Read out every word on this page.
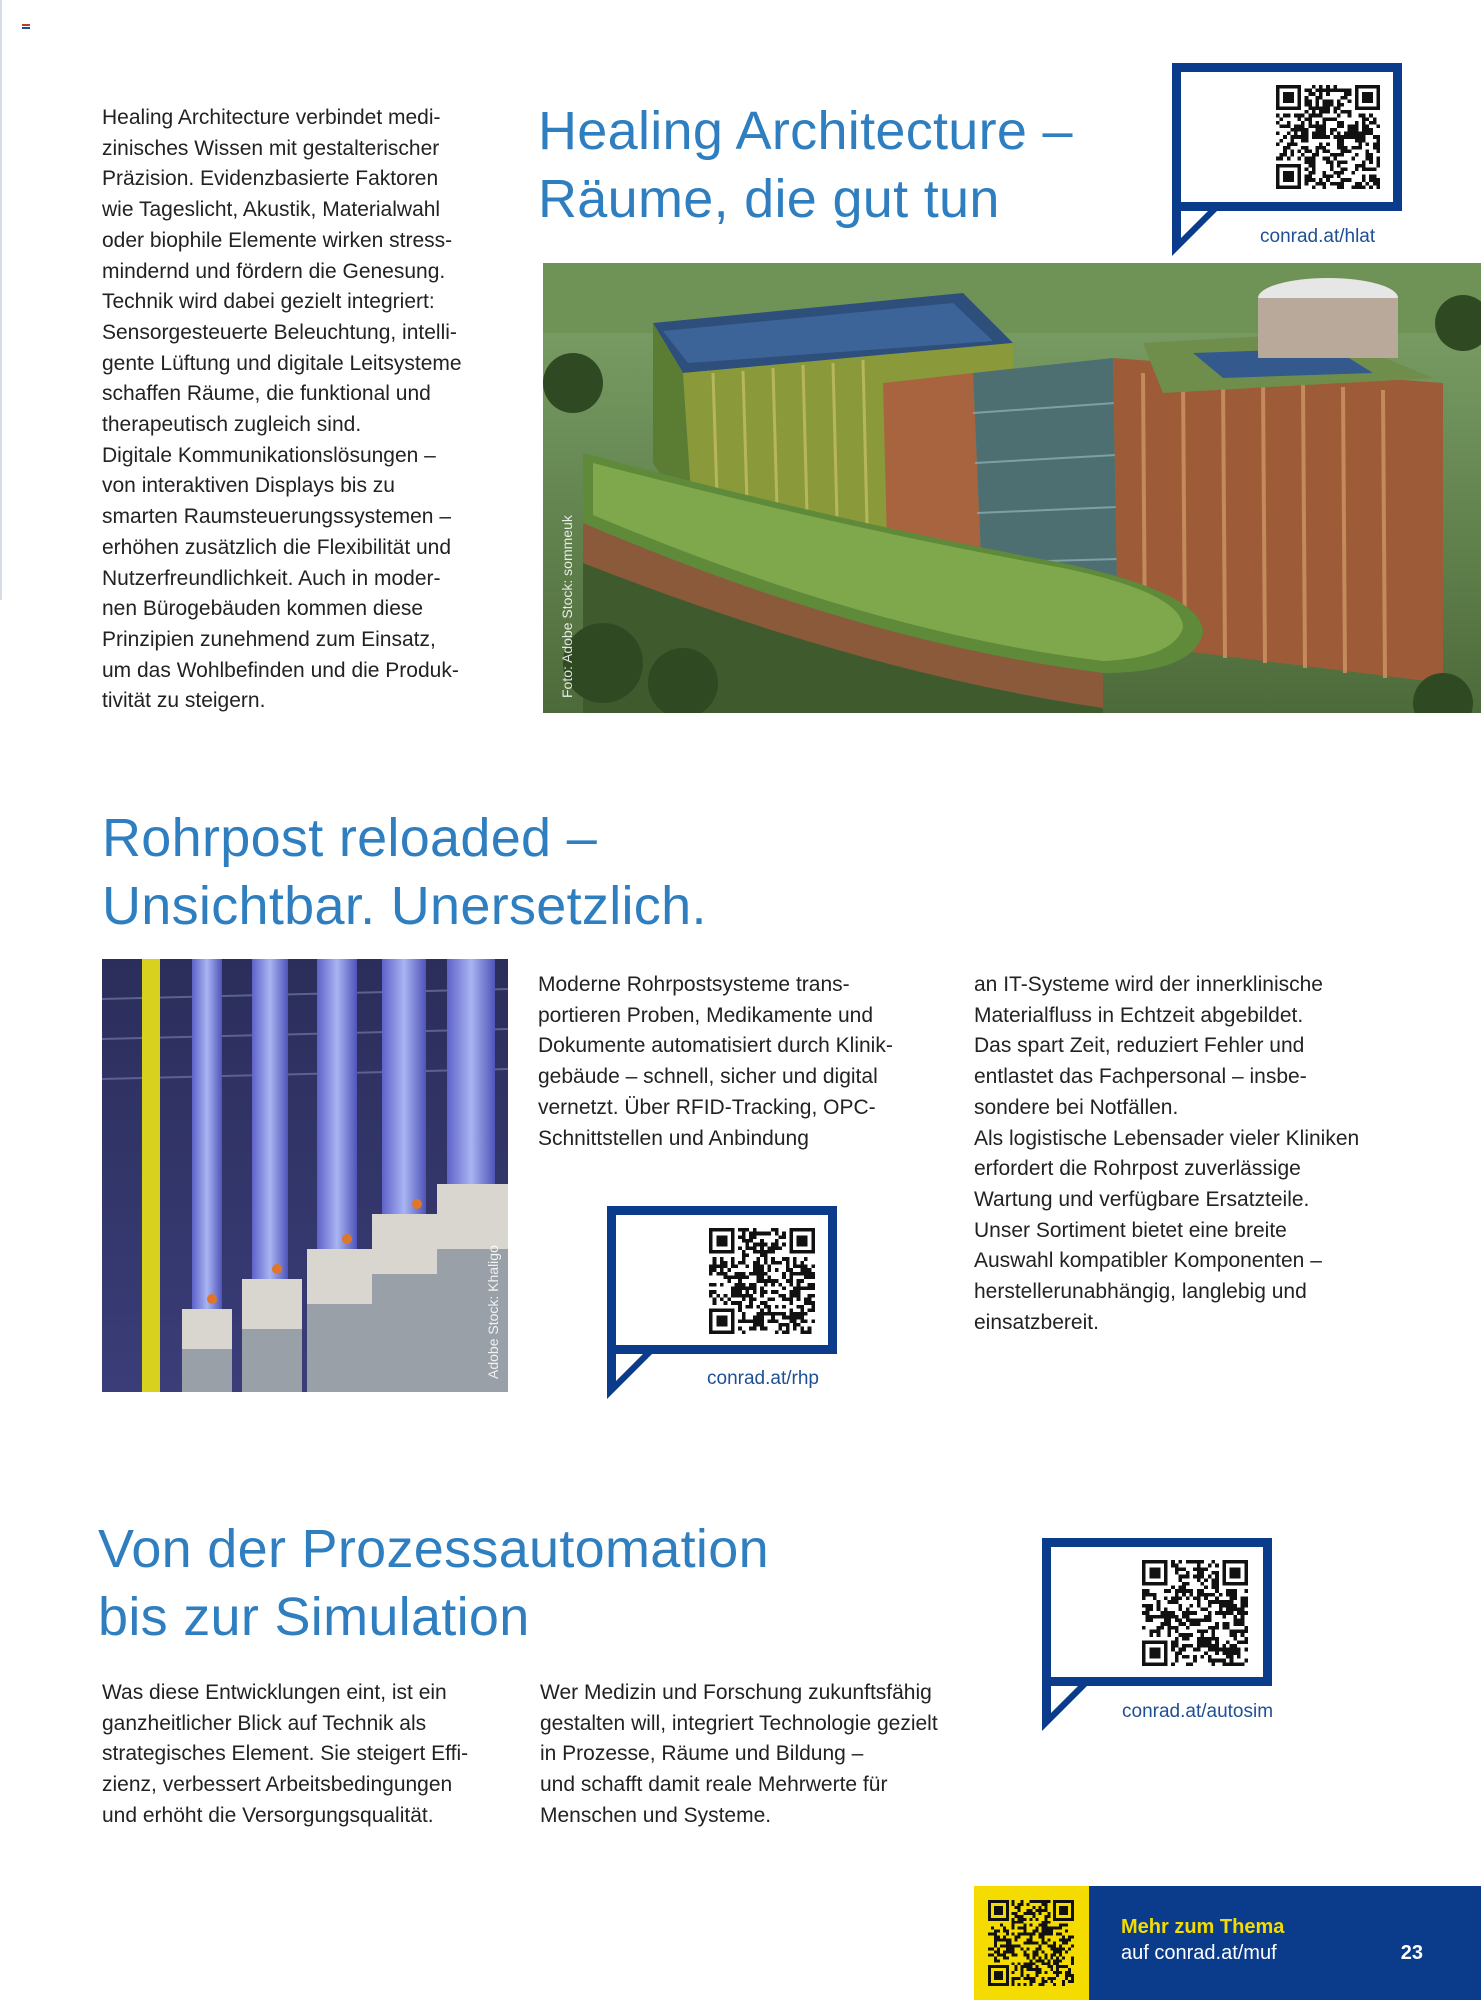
Healing Architecture verbindet medi-
zinisches Wissen mit gestalterischer
Präzision. Evidenzbasierte Faktoren
wie Tageslicht, Akustik, Materialwahl
oder biophile Elemente wirken stress-
mindernd und fördern die Genesung.
Technik wird dabei gezielt integriert:
Sensorgesteuerte Beleuchtung, intelli-
gente Lüftung und digitale Leitsysteme
schaffen Räume, die funktional und
therapeutisch zugleich sind.
Digitale Kommunikationslösungen –
von interaktiven Displays bis zu
smarten Raumsteuerungssystemen –
erhöhen zusätzlich die Flexibilität und
Nutzerfreundlichkeit. Auch in moder-
nen Bürogebäuden kommen diese
Prinzipien zunehmend zum Einsatz,
um das Wohlbefinden und die Produk-
tivität zu steigern.
Healing Architecture –
Räume, die gut tun
conrad.at/hlat
Foto: Adobe Stock: sommeuk
Rohrpost reloaded –
Unsichtbar. Unersetzlich.
Adobe Stock: Khaligo
Moderne Rohrpostsysteme trans-
portieren Proben, Medikamente und
Dokumente automatisiert durch Klinik-
gebäude – schnell, sicher und digital
vernetzt. Über RFID-Tracking, OPC-
Schnittstellen und Anbindung
an IT-Systeme wird der innerklinische
Materialfluss in Echtzeit abgebildet.
Das spart Zeit, reduziert Fehler und
entlastet das Fachpersonal – insbe-
sondere bei Notfällen.
Als logistische Lebensader vieler Kliniken
erfordert die Rohrpost zuverlässige
Wartung und verfügbare Ersatzteile.
Unser Sortiment bietet eine breite
Auswahl kompatibler Komponenten –
herstellerunabhängig, langlebig und
einsatzbereit.
conrad.at/rhp
Von der Prozessautomation
bis zur Simulation
conrad.at/autosim
Was diese Entwicklungen eint, ist ein
ganzheitlicher Blick auf Technik als
strategisches Element. Sie steigert Effi-
zienz, verbessert Arbeitsbedingungen
und erhöht die Versorgungsqualität.
Wer Medizin und Forschung zukunftsfähig
gestalten will, integriert Technologie gezielt
in Prozesse, Räume und Bildung –
und schafft damit reale Mehrwerte für
Menschen und Systeme.
Mehr zum Thema
auf conrad.at/muf	23
